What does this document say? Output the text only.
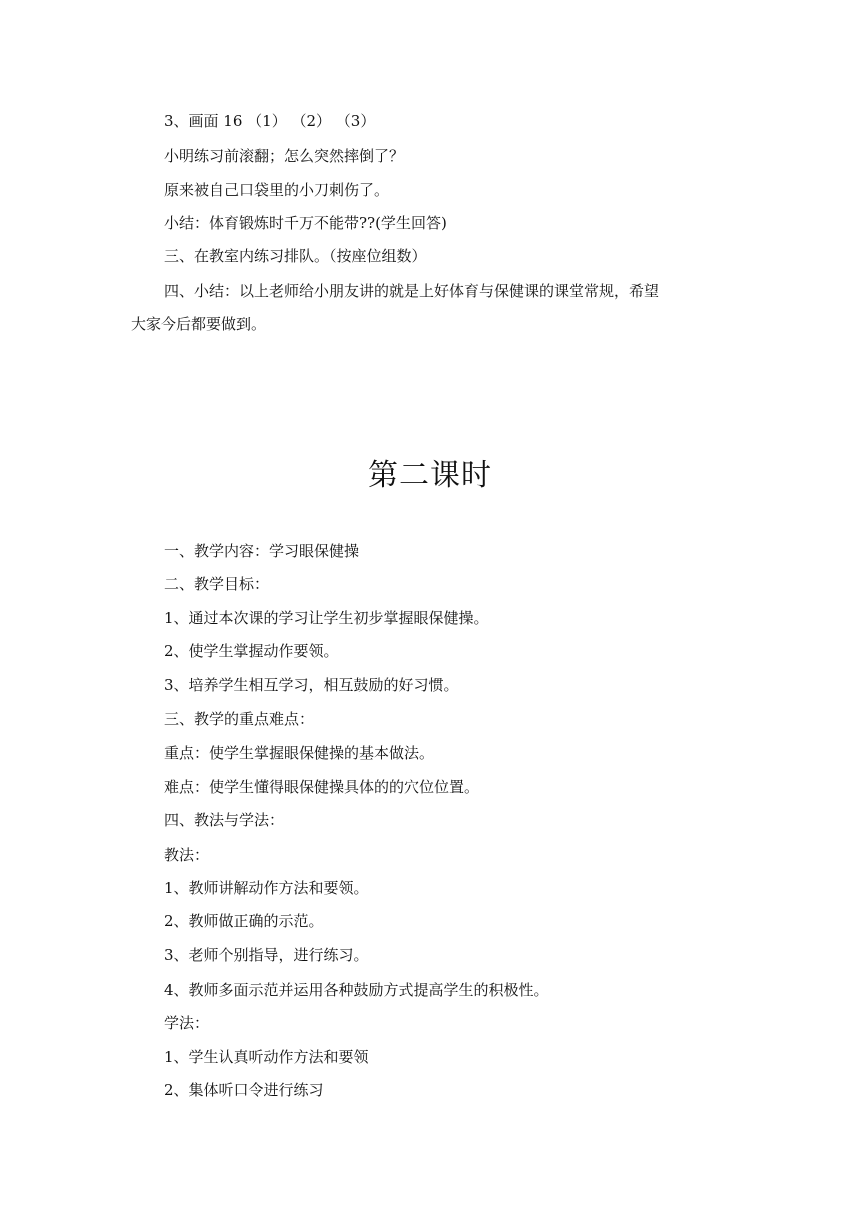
3、画面 16 （1） （2） （3）
小明练习前滚翻；怎么突然摔倒了？
原来被自己口袋里的小刀刺伤了。
小结：体育锻炼时千万不能带??(学生回答)
三、在教室内练习排队。（按座位组数）
四、小结：以上老师给小朋友讲的就是上好体育与保健课的课堂常规，希望
大家今后都要做到。
第二课时
一、教学内容：学习眼保健操
二、教学目标：
1、通过本次课的学习让学生初步掌握眼保健操。
2、使学生掌握动作要领。
3、培养学生相互学习，相互鼓励的好习惯。
三、教学的重点难点：
重点：使学生掌握眼保健操的基本做法。
难点：使学生懂得眼保健操具体的的穴位位置。
四、教法与学法：
教法：
1、教师讲解动作方法和要领。
2、教师做正确的示范。
3、老师个别指导，进行练习。
4、教师多面示范并运用各种鼓励方式提高学生的积极性。
学法：
1、学生认真听动作方法和要领
2、集体听口令进行练习
